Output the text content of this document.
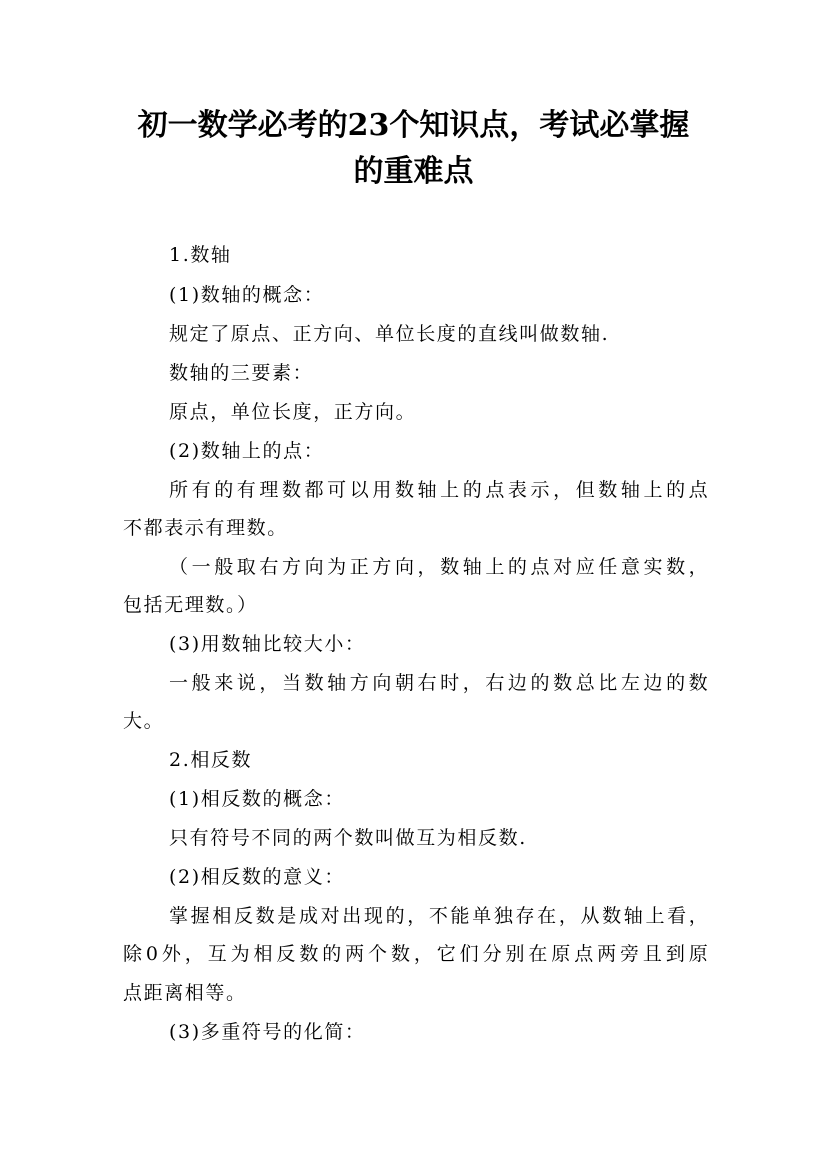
初一数学必考的23个知识点，考试必掌握
的重难点
1.数轴
(1)数轴的概念：
规定了原点、正方向、单位长度的直线叫做数轴.
数轴的三要素：
原点，单位长度，正方向。
(2)数轴上的点：
所 有 的 有 理 数 都 可 以 用 数 轴 上 的 点 表 示 ， 但 数 轴 上 的 点
不都表示有理数。
（ 一 般 取 右 方 向 为 正 方 向 ， 数 轴 上 的 点 对 应 任 意 实 数 ，
包括无理数。）
(3)用数轴比较大小：
一 般 来 说 ， 当 数 轴 方 向 朝 右 时 ， 右 边 的 数 总 比 左 边 的 数
大。
2.相反数
(1)相反数的概念：
只有符号不同的两个数叫做互为相反数.
(2)相反数的意义：
掌 握 相 反 数 是 成 对 出 现 的 ， 不 能 单 独 存 在 ， 从 数 轴 上 看 ，
除 0 外 ， 互 为 相 反 数 的 两 个 数 ， 它 们 分 别 在 原 点 两 旁 且 到 原
点距离相等。
(3)多重符号的化简：
